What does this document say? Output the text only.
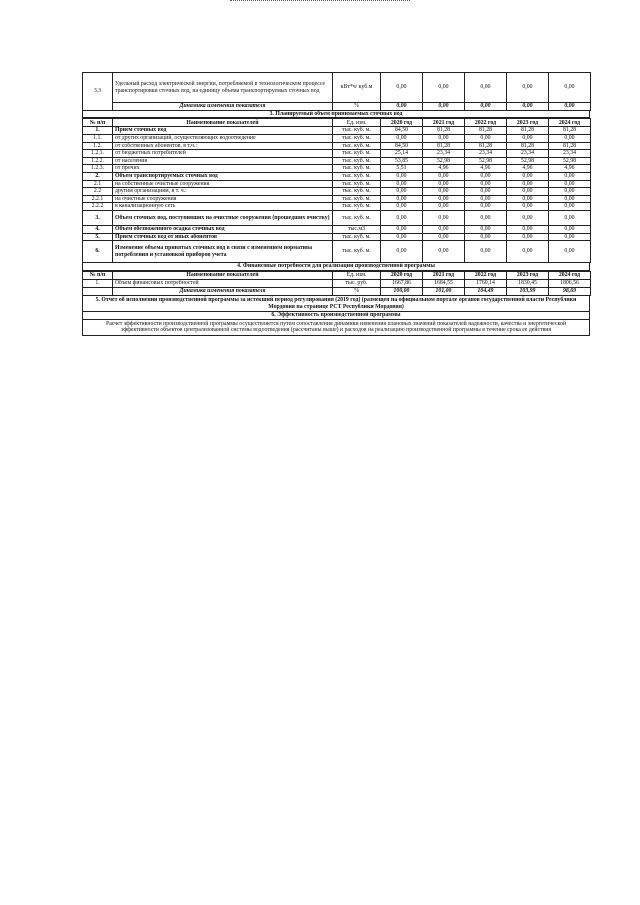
3.3	Удельный расход электрической энергии, потребляемой в технологическом процессе транспортировки сточных вод, на единицу объема транспортируемых сточных вод	кВт*ч/ куб.м	0,00	0,00	0,00	0,00	0,00
	Динамика изменения показателя	%	0,00	0,00	0,00	0,00	0,00
3. Планируемый объем принимаемых сточных вод
№ п/п	Наименование показателей	Ед. изм.	2020 год	2021 год	2022 год	2023 год	2024 год
1.	Прием сточных вод	тыс. куб. м.	84,50	81,28	81,28	81,28	81,28
1.1.	от других организаций, осуществляющих водоотведение	тыс. куб. м.	0,00	0,00	0,00	0,00	0,00
1.2.	от собственных абонентов, в т.ч.:	тыс. куб. м.	84,50	81,28	81,28	81,28	81,28
1.2.1.	от бюджетных потребителей	тыс. куб. м.	25,14	23,34	23,34	23,34	23,34
1.2.2.	от населения	тыс. куб. м.	53,85	52,98	52,98	52,98	52,98
1.2.3.	от прочих	тыс. куб. м.	5,51	4,96	4,96	4,96	4,96
2.	Объем транспортируемых сточных вод	тыс. куб. м.	0,00	0,00	0,00	0,00	0,00
2.1	на собственные очистные сооружения	тыс. куб. м.	0,00	0,00	0,00	0,00	0,00
2.2	другим организациям, в т. ч.:	тыс. куб. м.	0,00	0,00	0,00	0,00	0,00
2.2.1	на очистные сооружения	тыс. куб. м.	0,00	0,00	0,00	0,00	0,00
2.2.2	в канализационную сеть	тыс. куб. м.	0,00	0,00	0,00	0,00	0,00
3.	Объем сточных вод, поступивших на очистные сооружения (прошедших очистку)	тыс. куб. м.	0,00	0,00	0,00	0,00	0,00
4.	Объем обезвоженного осадка сточных вод	тыс.м3	0,00	0,00	0,00	0,00	0,00
5.	Прием сточных вод от иных абонентов	тыс. куб. м.	0,00	0,00	0,00	0,00	0,00
6.	Изменение объема принятых сточных вод в связи с изменением норматива потребления и установкой приборов учета	тыс. куб. м.	0,00	0,00	0,00	0,00	0,00
4. Финансовые потребности для реализации производственной программы
№ п/п	Наименование показателей	Ед. изм.	2020 год	2021 год	2022 год	2023 год	2024 год
1.	Объем финансовых потребностей	тыс. руб.	1667,86	1684,55	1760,14	1830,45	1806,56
	Динамика изменения показателя	%	100,00	101,00	104,49	103,99	98,69
5. Отчет об исполнении производственной программы за истекший период регулирования (2019 год) (размещен на официальном портале органов государственной власти Республики Мордовия на странице РСТ Республики Мордовия)
6. Эффективность производственной программы
Расчет эффективности производственной программы осуществляется путем сопоставления динамики изменения плановых значений показателей надежности, качества и энергетической эффективности объектов централизованной системы водоотведения (рассчитаны выше) и расходов на реализацию производственной программы в течение срока ее действия
